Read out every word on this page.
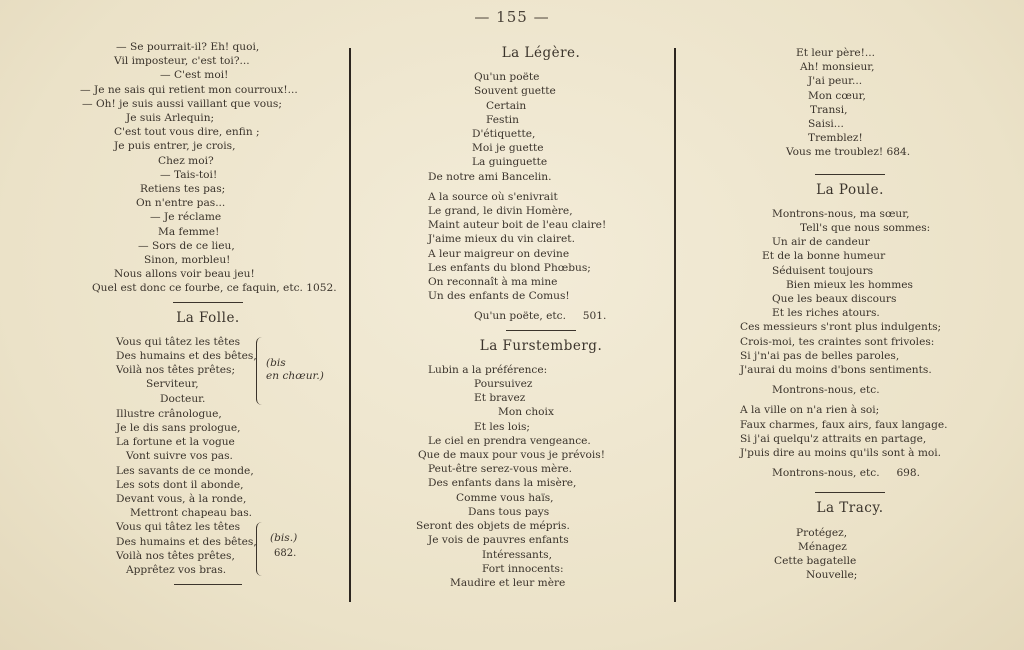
— 155 —
— Se pourrait-il? Eh! quoi,
Vil imposteur, c'est toi?...
— C'est moi!
— Je ne sais qui retient mon courroux!...
— Oh! je suis aussi vaillant que vous;
Je suis Arlequin;
C'est tout vous dire, enfin ;
Je puis entrer, je crois,
Chez moi?
— Tais-toi!
Retiens tes pas;
On n'entre pas...
— Je réclame
Ma femme!
— Sors de ce lieu,
Sinon, morbleu!
Nous allons voir beau jeu!
Quel est donc ce fourbe, ce faquin, etc. 1052.
La Folle.
(bis
en chœur.)
Vous qui tâtez les têtes
Des humains et des bêtes,
Voilà nos têtes prêtes;
Serviteur,
Docteur.
Illustre crânologue,
Je le dis sans prologue,
La fortune et la vogue
Vont suivre vos pas.
Les savants de ce monde,
Les sots dont il abonde,
Devant vous, à la ronde,
Mettront chapeau bas.
(bis.)
682.
Vous qui tâtez les têtes
Des humains et des bêtes,
Voilà nos têtes prêtes,
Apprêtez vos bras.
La Légère.
Qu'un poëte
Souvent guette
Certain
Festin
D'étiquette,
Moi je guette
La guinguette
De notre ami Bancelin.
A la source où s'enivrait
Le grand, le divin Homère,
Maint auteur boit de l'eau claire!
J'aime mieux du vin clairet.
A leur maigreur on devine
Les enfants du blond Phœbus;
On reconnaît à ma mine
Un des enfants de Comus!
Qu'un poëte, etc.     501.
La Furstemberg.
Lubin a la préférence:
Poursuivez
Et bravez
Mon choix
Et les lois;
Le ciel en prendra vengeance.
Que de maux pour vous je prévois!
Peut-être serez-vous mère.
Des enfants dans la misère,
Comme vous haïs,
Dans tous pays
Seront des objets de mépris.
Je vois de pauvres enfants
Intéressants,
Fort innocents:
Maudire et leur mère
Et leur père!...
Ah! monsieur,
J'ai peur...
Mon cœur,
Transi,
Saisi...
Tremblez!
Vous me troublez! 684.
La Poule.
Montrons-nous, ma sœur,
Tell's que nous sommes:
Un air de candeur
Et de la bonne humeur
Séduisent toujours
Bien mieux les hommes
Que les beaux discours
Et les riches atours.
Ces messieurs s'ront plus indulgents;
Crois-moi, tes craintes sont frivoles:
Si j'n'ai pas de belles paroles,
J'aurai du moins d'bons sentiments.
Montrons-nous, etc.
A la ville on n'a rien à soi;
Faux charmes, faux airs, faux langage.
Si j'ai quelqu'z attraits en partage,
J'puis dire au moins qu'ils sont à moi.
Montrons-nous, etc.     698.
La Tracy.
Protégez,
Ménagez
Cette bagatelle
Nouvelle;
